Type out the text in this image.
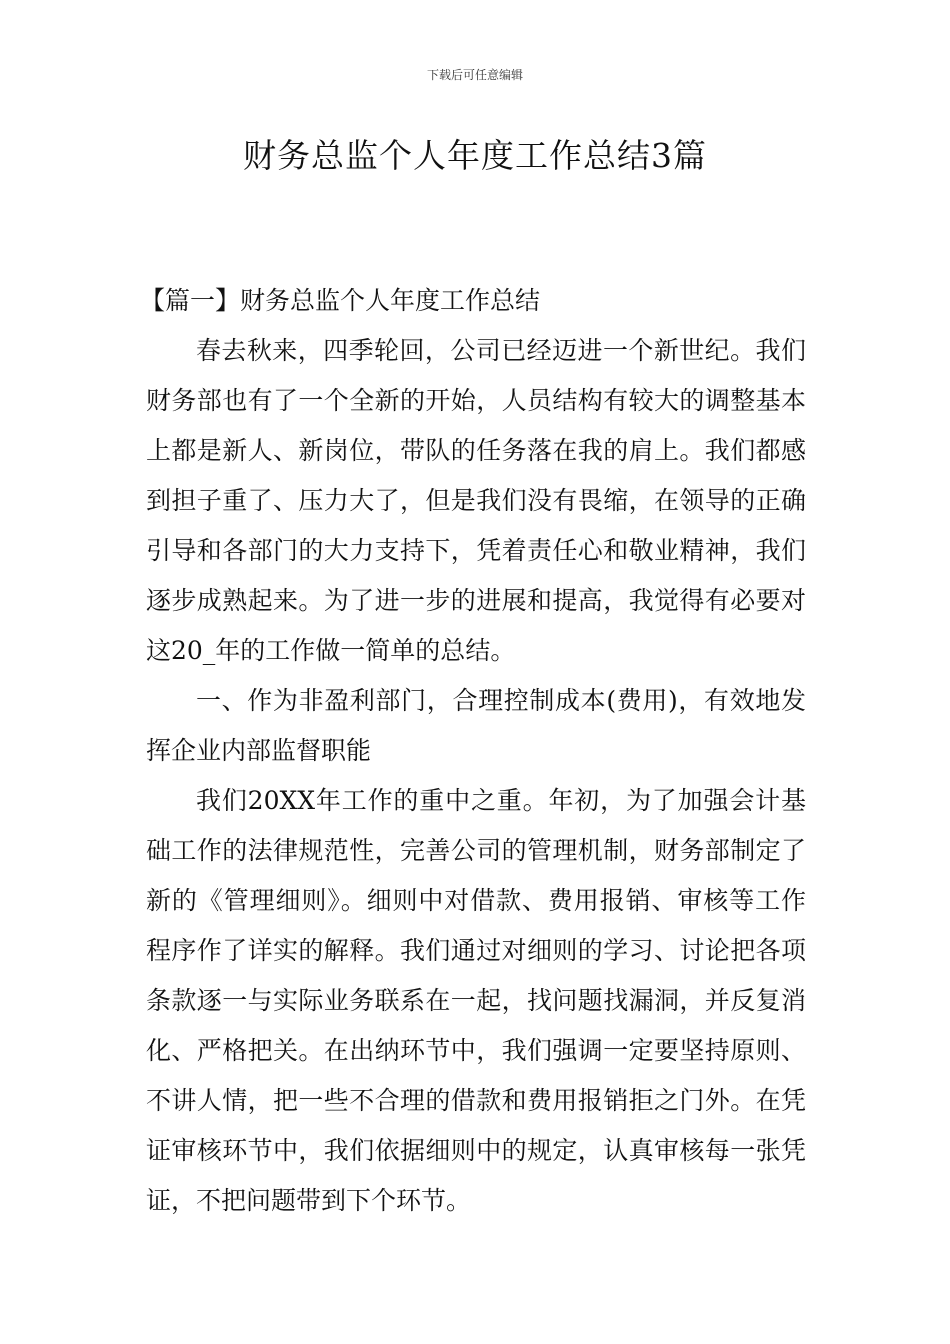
下载后可任意编辑
财务总监个人年度工作总结3篇

【篇一】财务总监个人年度工作总结

春去秋来，四季轮回，公司已经迈进一个新世纪。我们财务部也有了一个全新的开始，人员结构有较大的调整基本上都是新人、新岗位，带队的任务落在我的肩上。我们都感到担子重了、压力大了，但是我们没有畏缩，在领导的正确引导和各部门的大力支持下，凭着责任心和敬业精神，我们逐步成熟起来。为了进一步的进展和提高，我觉得有必要对这20_年的工作做一简单的总结。

一、作为非盈利部门，合理控制成本(费用)，有效地发挥企业内部监督职能

我们20XX年工作的重中之重。年初，为了加强会计基础工作的法律规范性，完善公司的管理机制，财务部制定了新的《管理细则》。细则中对借款、费用报销、审核等工作程序作了详实的解释。我们通过对细则的学习、讨论把各项条款逐一与实际业务联系在一起，找问题找漏洞，并反复消化、严格把关。在出纳环节中，我们强调一定要坚持原则、不讲人情，把一些不合理的借款和费用报销拒之门外。在凭证审核环节中，我们依据细则中的规定，认真审核每一张凭证，不把问题带到下个环节。
